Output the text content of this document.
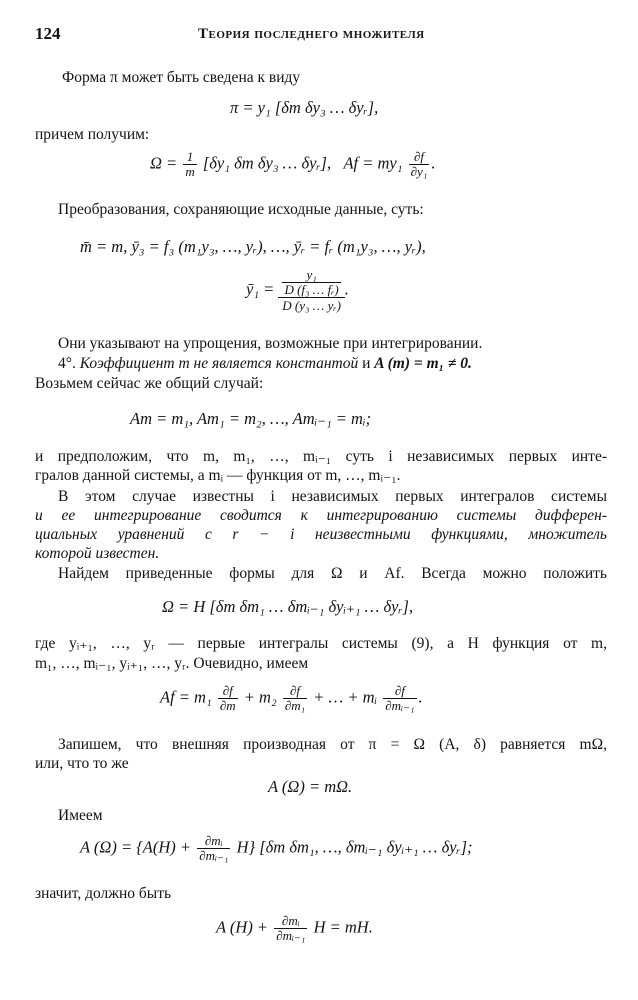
124	Теория последнего множителя
Форма π может быть сведена к виду
π = y₁ [δm δy₃ … δyᵣ],
причем получим:
$\Omega = \frac{1}{m} [\delta y_1$ δm δy₃ … δyᵣ], $Af = my_1 \frac{\partial f}{\text{∂y₁}}$ .
Преобразования, сохраняющие исходные данные, суть:
m̄ = m, ȳ₃ = f₃ (m₁y₃, …, yᵣ), …, ȳᵣ = fᵣ (m₁y₃, …, yᵣ),
ȳ₁ = $\frac{\frac{\text{y₁}}{\text{D (f₃ … fᵣ)}}}{\text{D (y₃ … yᵣ)}}$ .
Они указывают на упрощения, возможные при интегрировании.
4°. Коэффициент m не является константой и A (m) = m₁ ≠ 0.
Возьмем сейчас же общий случай:
Am = m₁, Am₁ = m₂, …, Amᵢ₋₁ = mᵢ;
и предположим, что m, m₁, …, mᵢ₋₁ суть i независимых первых инте-
гралов данной системы, а mᵢ — функция от m, …, mᵢ₋₁.
В этом случае известны i независимых первых интегралов системы
и ее интегрирование сводится к интегрированию системы дифферен-
циальных уравнений с r − i неизвестными функциями, множитель
которой известен.
Найдем приведенные формы для Ω и Af. Всегда можно положить
Ω = H [δm δm₁ … δmᵢ₋₁ δyᵢ₊₁ … δyᵣ],
где yᵢ₊₁, …, yᵣ — первые интегралы системы (9), а H функция от m,
m₁, …, mᵢ₋₁, yᵢ₊₁, …, yᵣ. Очевидно, имеем
$Af = m_1 \frac{\partial f}{\partial m} + m_2 \frac{\partial f}{\text{∂m₁}}$ + … + mᵢ $\frac{\partial f}{\text{∂mᵢ₋₁}}$ .
Запишем, что внешняя производная от π = Ω (A, δ) равняется mΩ,
или, что то же
A (Ω) = mΩ.
Имеем
A $(\Omega) = \{A(H) + \frac{\text{∂mᵢ}}{\text{∂mᵢ₋₁}} H\}$ [δm δm₁, …, δmᵢ₋₁ δyᵢ₊₁ … δyᵣ];
значит, должно быть
A $(H) + \frac{\text{∂mᵢ}}{\text{∂mᵢ₋₁}}$ H = mH.
